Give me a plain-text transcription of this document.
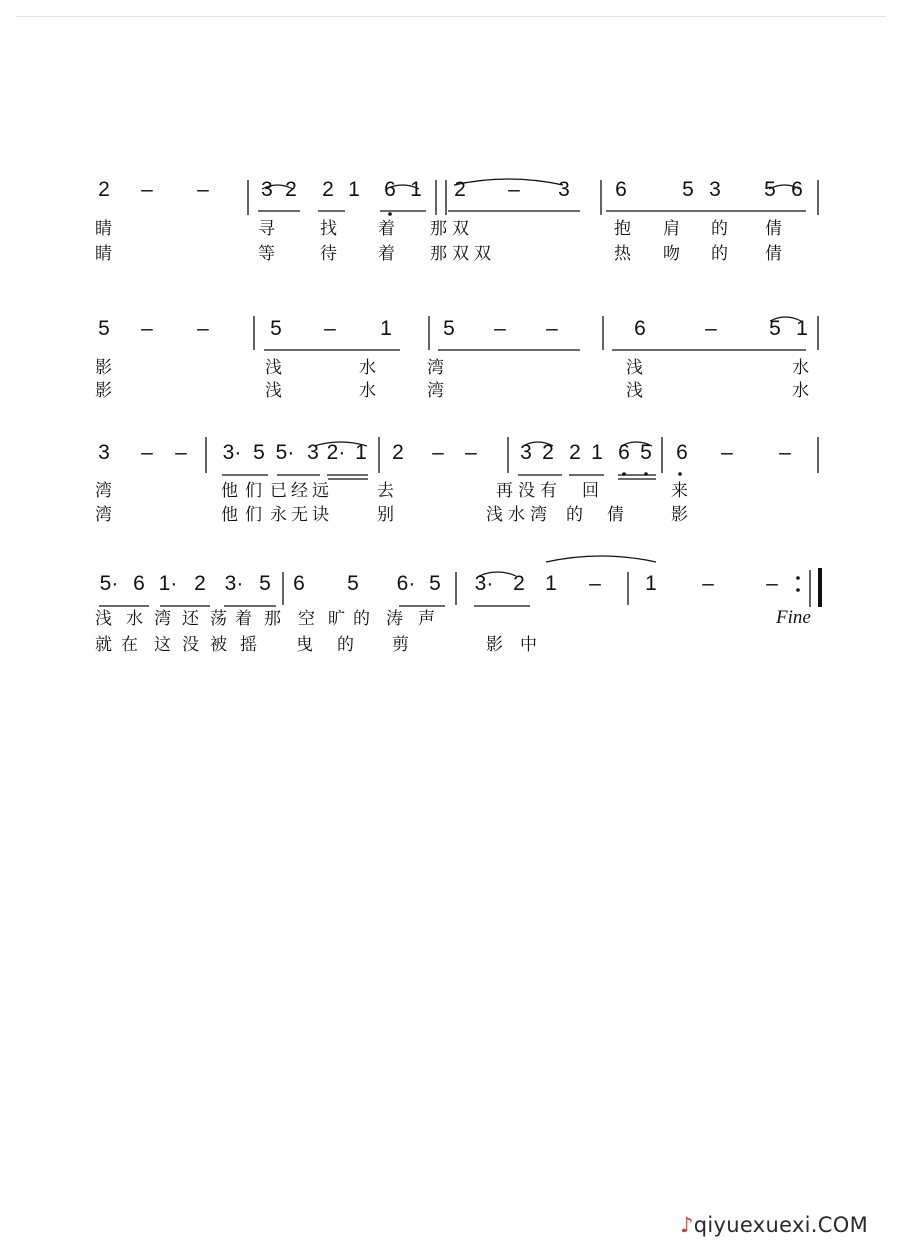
2	–	–	3 2	2 1	6 1	2	–	3	6	5 3	5 6
睛	寻	找 着 那 双	抱 肩 的 倩
睛	等	待 着 那 双 双	热 吻 的 倩
5	–	–	5	–	1	5	–	–	6	–	5 1
影	浅	水	湾	浅	水
影	浅	水	湾	浅	水
3	–	–	3· 5 5· 3 2· 1	2	–	–	3 2 2 1 6 5	6	–	–
湾	他 们 已 经 远	去	再 没 有 回	来
湾	他 们 永 无 诀	别	浅 水 湾 的 倩	影
5· 6 1· 2 3· 5	6	5	6· 5	3· 2 1	–	1	–	–
浅 水 湾 还 荡 着 那 空 旷 的 涛 声
就 在 这 没 被 摇 曳 的 剪	影 中
Fine
♪qiyuexuexi.COM
